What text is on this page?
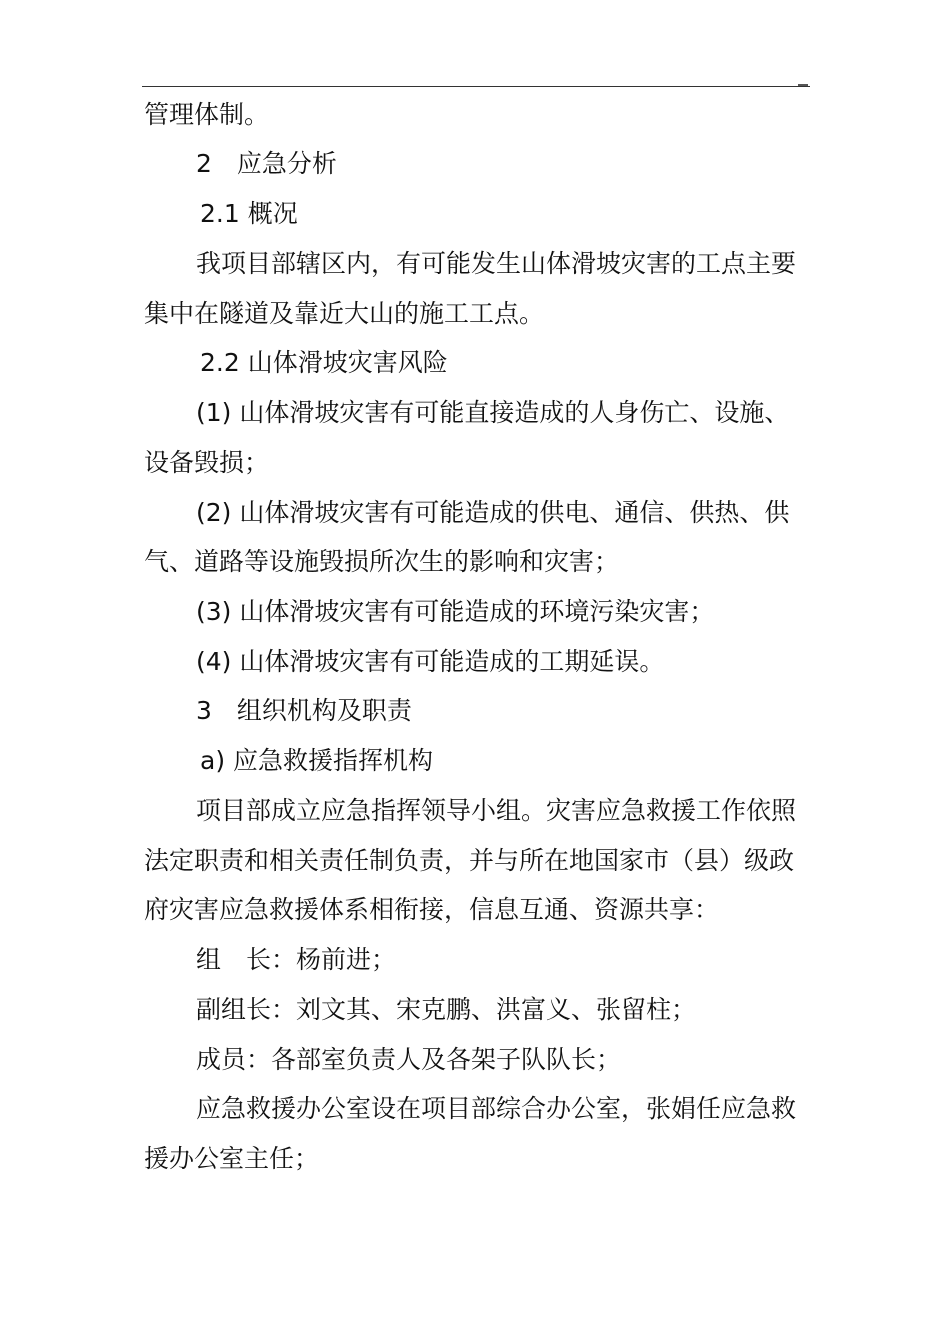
管理体制。
2　应急分析
2.1 概况
我项目部辖区内，有可能发生山体滑坡灾害的工点主要
集中在隧道及靠近大山的施工工点。
2.2 山体滑坡灾害风险
(1) 山体滑坡灾害有可能直接造成的人身伤亡、设施、
设备毁损；
(2) 山体滑坡灾害有可能造成的供电、通信、供热、供
气、道路等设施毁损所次生的影响和灾害；
(3) 山体滑坡灾害有可能造成的环境污染灾害；
(4) 山体滑坡灾害有可能造成的工期延误。
3　组织机构及职责
a) 应急救援指挥机构
项目部成立应急指挥领导小组。灾害应急救援工作依照
法定职责和相关责任制负责，并与所在地国家市（县）级政
府灾害应急救援体系相衔接，信息互通、资源共享：
组　长：杨前进；
副组长：刘文其、宋克鹏、洪富义、张留柱；
成员：各部室负责人及各架子队队长；
应急救援办公室设在项目部综合办公室，张娟任应急救
援办公室主任；
